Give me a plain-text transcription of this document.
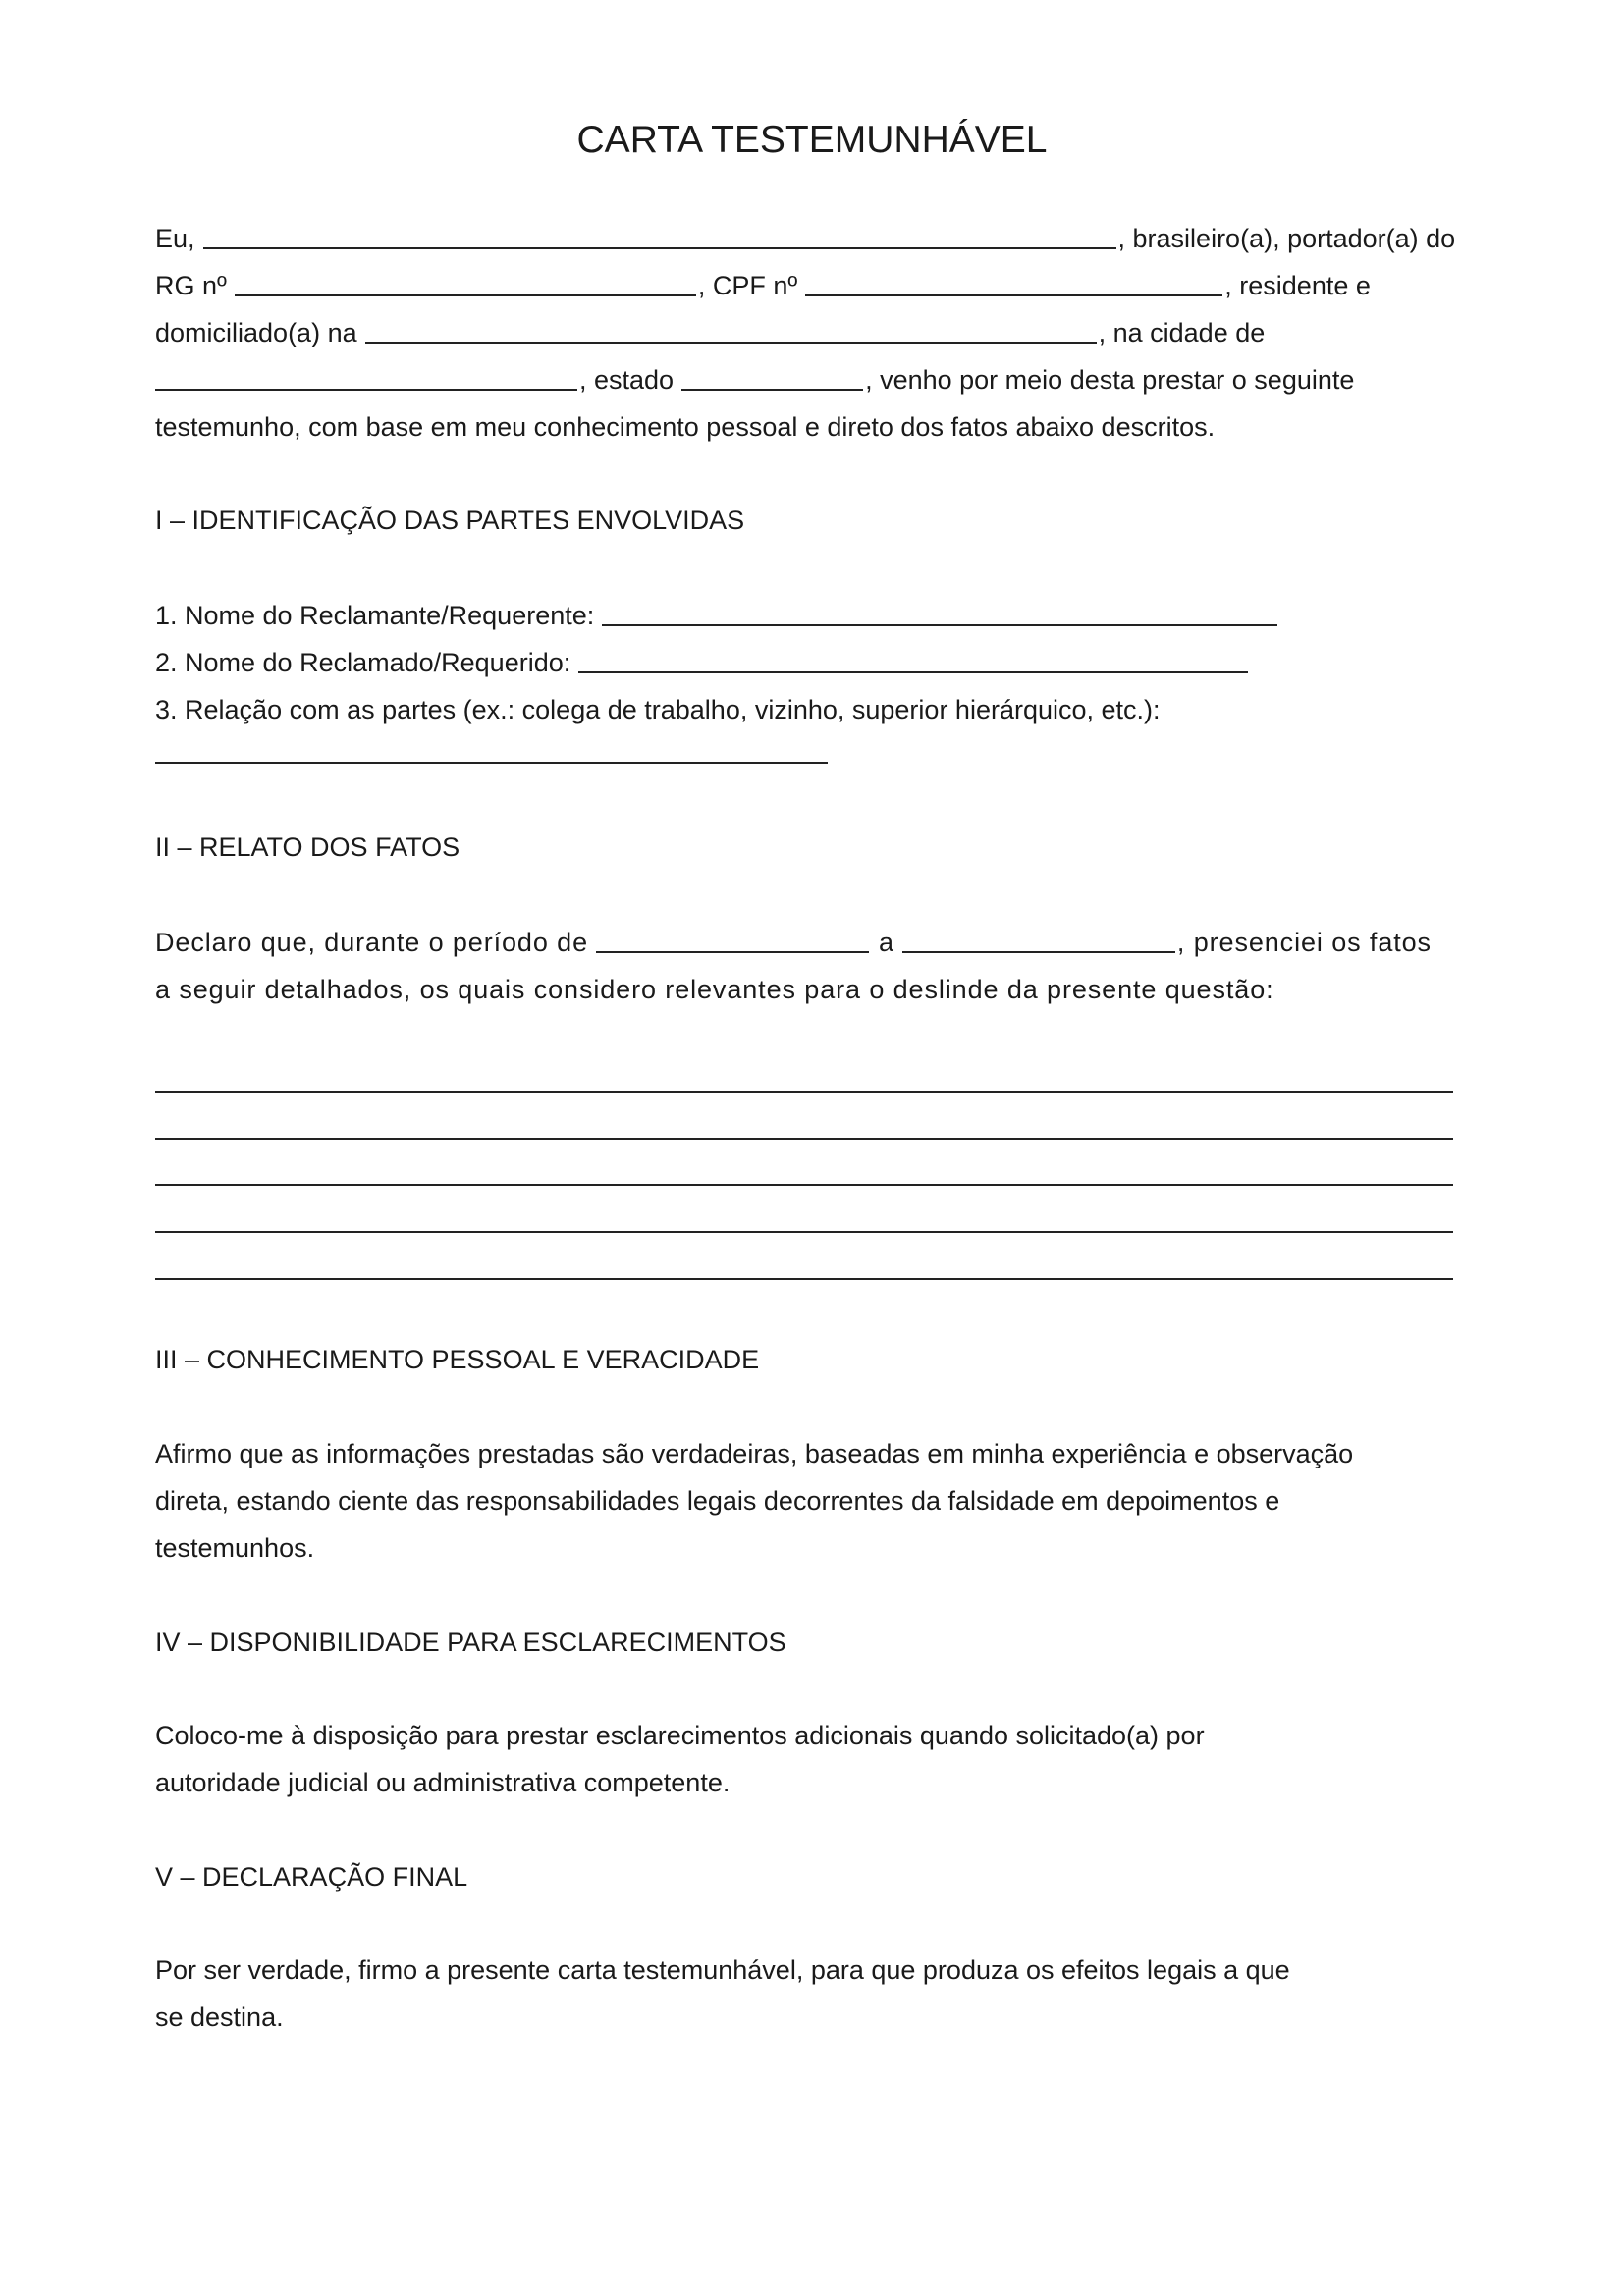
CARTA TESTEMUNHÁVEL
Eu,	, brasileiro(a), portador(a) do
RG nº	, CPF nº	, residente e
domiciliado(a) na	, na cidade de
, estado	, venho por meio desta prestar o seguinte
testemunho, com base em meu conhecimento pessoal e direto dos fatos abaixo descritos.
I – IDENTIFICAÇÃO DAS PARTES ENVOLVIDAS
1. Nome do Reclamante/Requerente:
2. Nome do Reclamado/Requerido:
3. Relação com as partes (ex.: colega de trabalho, vizinho, superior hierárquico, etc.):
II – RELATO DOS FATOS
Declaro que, durante o período de	a	, presenciei os fatos
a seguir detalhados, os quais considero relevantes para o deslinde da presente questão:
III – CONHECIMENTO PESSOAL E VERACIDADE
Afirmo que as informações prestadas são verdadeiras, baseadas em minha experiência e observação
direta, estando ciente das responsabilidades legais decorrentes da falsidade em depoimentos e
testemunhos.
IV – DISPONIBILIDADE PARA ESCLARECIMENTOS
Coloco-me à disposição para prestar esclarecimentos adicionais quando solicitado(a) por
autoridade judicial ou administrativa competente.
V – DECLARAÇÃO FINAL
Por ser verdade, firmo a presente carta testemunhável, para que produza os efeitos legais a que
se destina.
